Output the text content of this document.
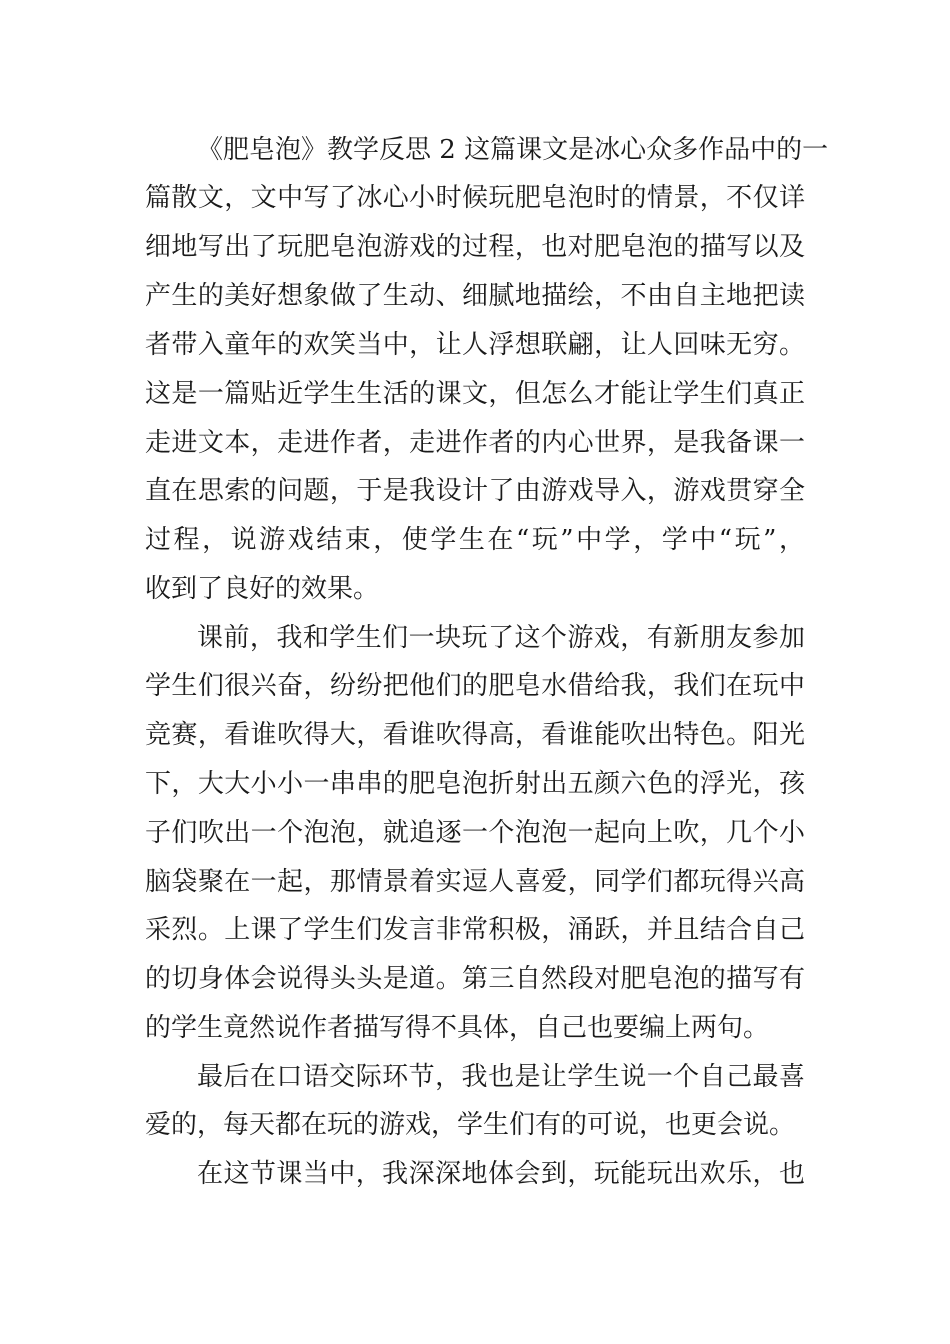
《肥皂泡》教学反思 2 这篇课文是冰心众多作品中的一
篇散文，文中写了冰心小时候玩肥皂泡时的情景，不仅详
细地写出了玩肥皂泡游戏的过程，也对肥皂泡的描写以及
产生的美好想象做了生动、细腻地描绘，不由自主地把读
者带入童年的欢笑当中，让人浮想联翩，让人回味无穷。
这是一篇贴近学生生活的课文，但怎么才能让学生们真正
走进文本，走进作者，走进作者的内心世界，是我备课一
直在思索的问题，于是我设计了由游戏导入，游戏贯穿全
过程，说游戏结束，使学生在“玩”中学，学中“玩”，
收到了良好的效果。
课前，我和学生们一块玩了这个游戏，有新朋友参加
学生们很兴奋，纷纷把他们的肥皂水借给我，我们在玩中
竞赛，看谁吹得大，看谁吹得高，看谁能吹出特色。阳光
下，大大小小一串串的肥皂泡折射出五颜六色的浮光，孩
子们吹出一个泡泡，就追逐一个泡泡一起向上吹，几个小
脑袋聚在一起，那情景着实逗人喜爱，同学们都玩得兴高
采烈。上课了学生们发言非常积极，涌跃，并且结合自己
的切身体会说得头头是道。第三自然段对肥皂泡的描写有
的学生竟然说作者描写得不具体，自己也要编上两句。
最后在口语交际环节，我也是让学生说一个自己最喜
爱的，每天都在玩的游戏，学生们有的可说，也更会说。
在这节课当中，我深深地体会到，玩能玩出欢乐，也
